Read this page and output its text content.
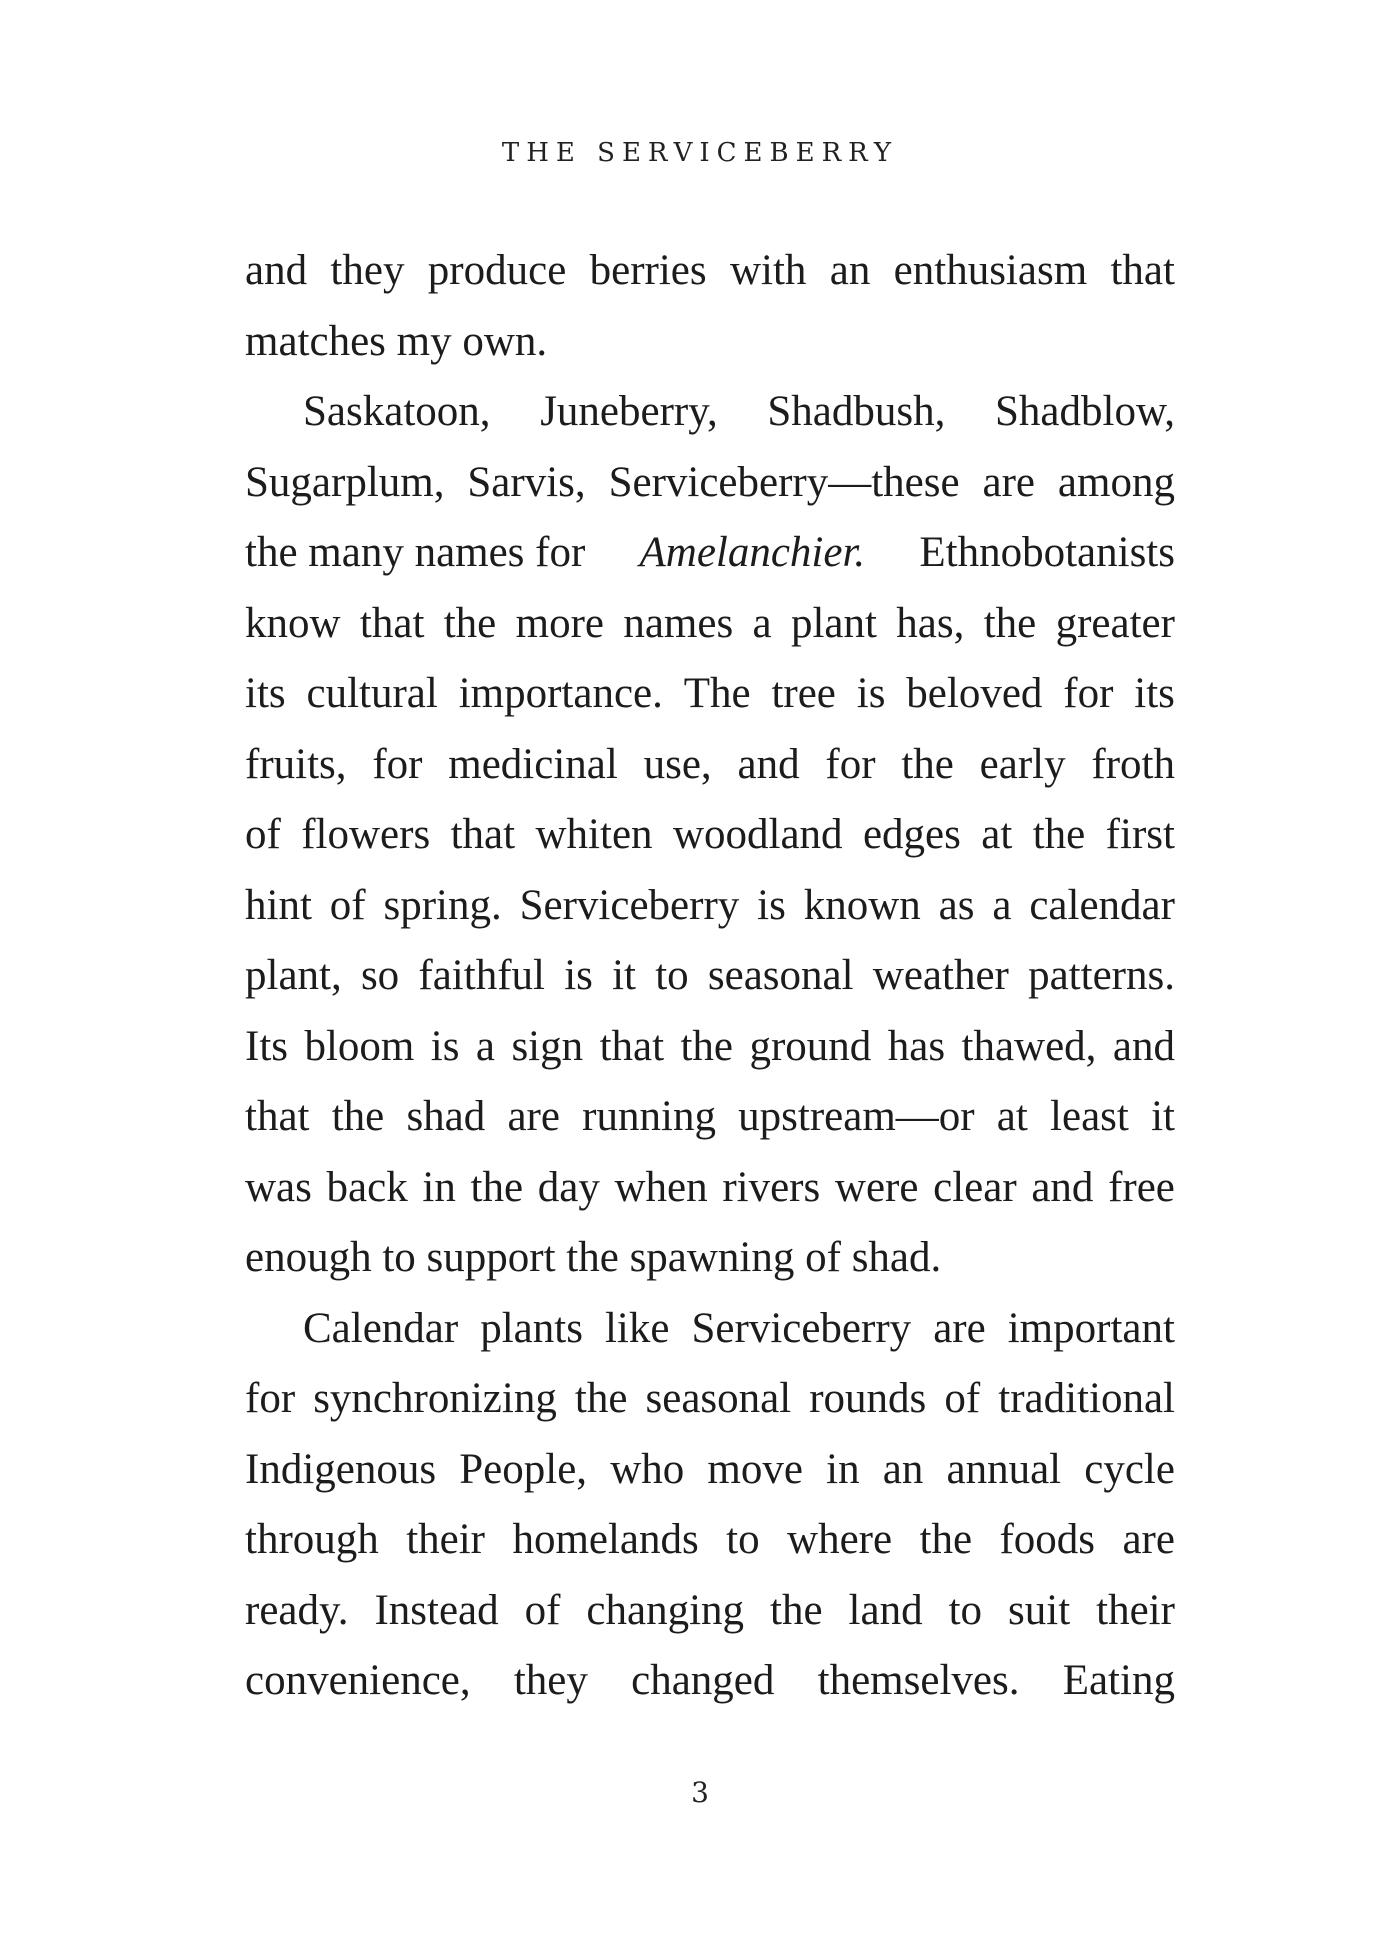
THE SERVICEBERRY
and they produce berries with an enthusiasm that
matches my own.
Saskatoon, Juneberry, Shadbush, Shadblow,
Sugarplum, Sarvis, Serviceberry—these are among
the many names for Amelanchier. Ethnobotanists
know that the more names a plant has, the greater
its cultural importance. The tree is beloved for its
fruits, for medicinal use, and for the early froth
of flowers that whiten woodland edges at the first
hint of spring. Serviceberry is known as a calendar
plant, so faithful is it to seasonal weather patterns.
Its bloom is a sign that the ground has thawed, and
that the shad are running upstream—or at least it
was back in the day when rivers were clear and free
enough to support the spawning of shad.
Calendar plants like Serviceberry are important
for synchronizing the seasonal rounds of traditional
Indigenous People, who move in an annual cycle
through their homelands to where the foods are
ready. Instead of changing the land to suit their
convenience, they changed themselves. Eating
3
